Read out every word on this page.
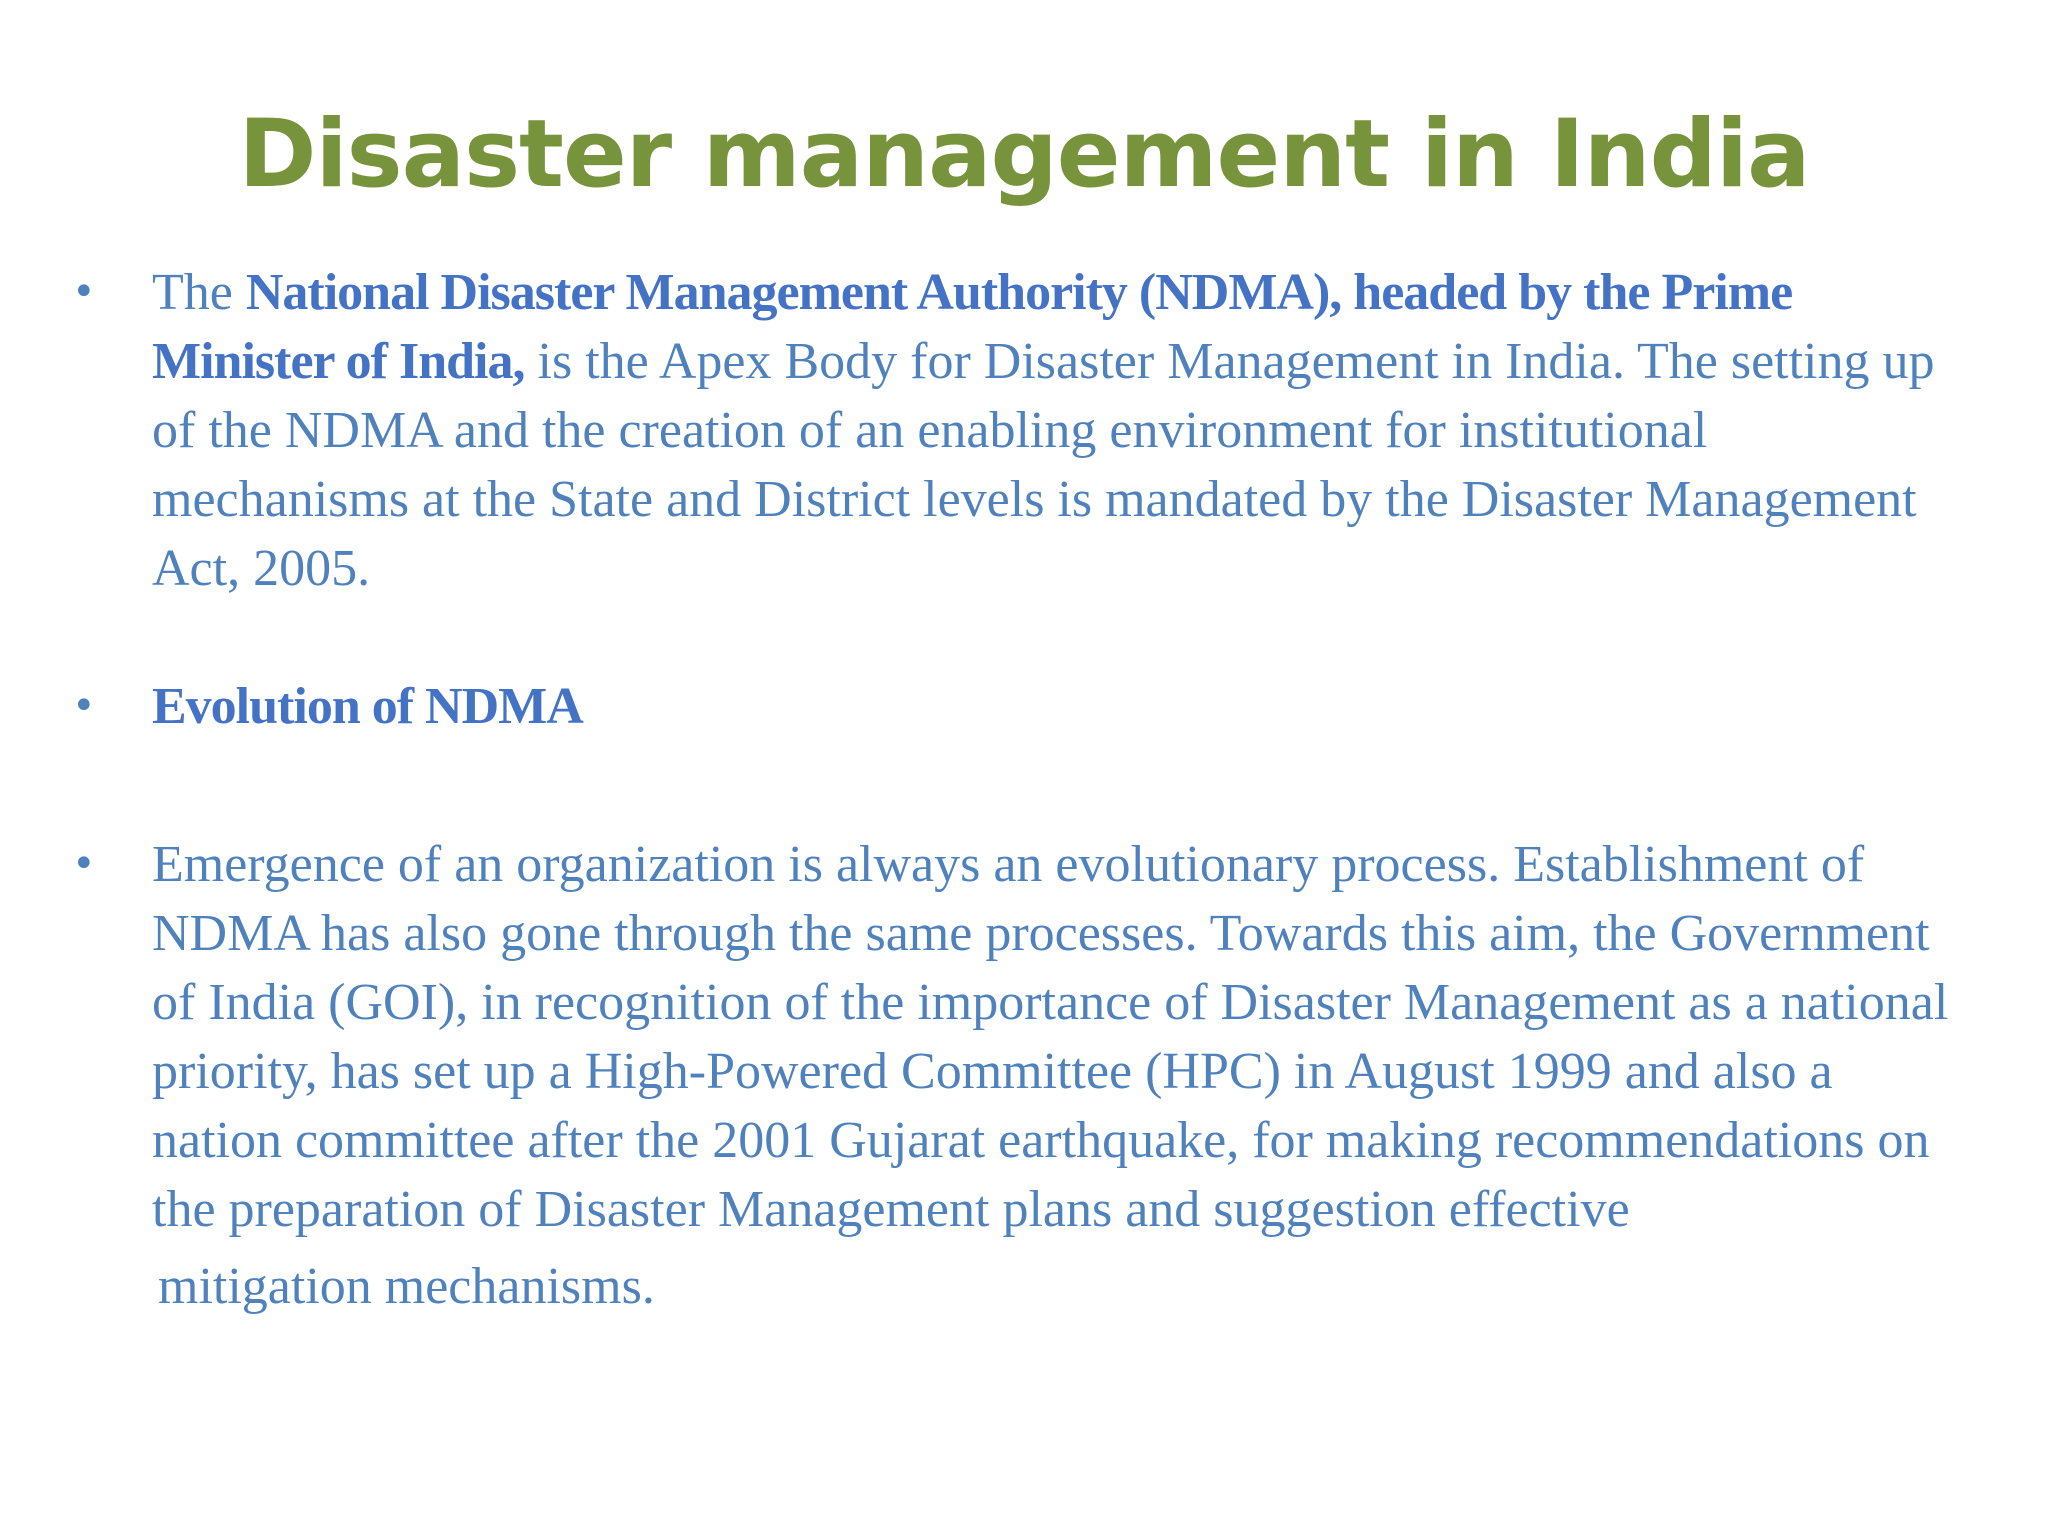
Disaster management in India
•	The National Disaster Management Authority (NDMA), headed by the Prime Minister of India, is the Apex Body for Disaster Management in India. The setting up of the NDMA and the creation of an enabling environment for institutional mechanisms at the State and District levels is mandated by the Disaster Management Act, 2005.
•	Evolution of NDMA
•	Emergence of an organization is always an evolutionary process. Establishment of NDMA has also gone through the same processes. Towards this aim, the Government of India (GOI), in recognition of the importance of Disaster Management as a national priority, has set up a High-Powered Committee (HPC) in August 1999 and also a nation committee after the 2001 Gujarat earthquake, for making recommendations on the preparation of Disaster Management plans and suggestion effective
mitigation mechanisms.
